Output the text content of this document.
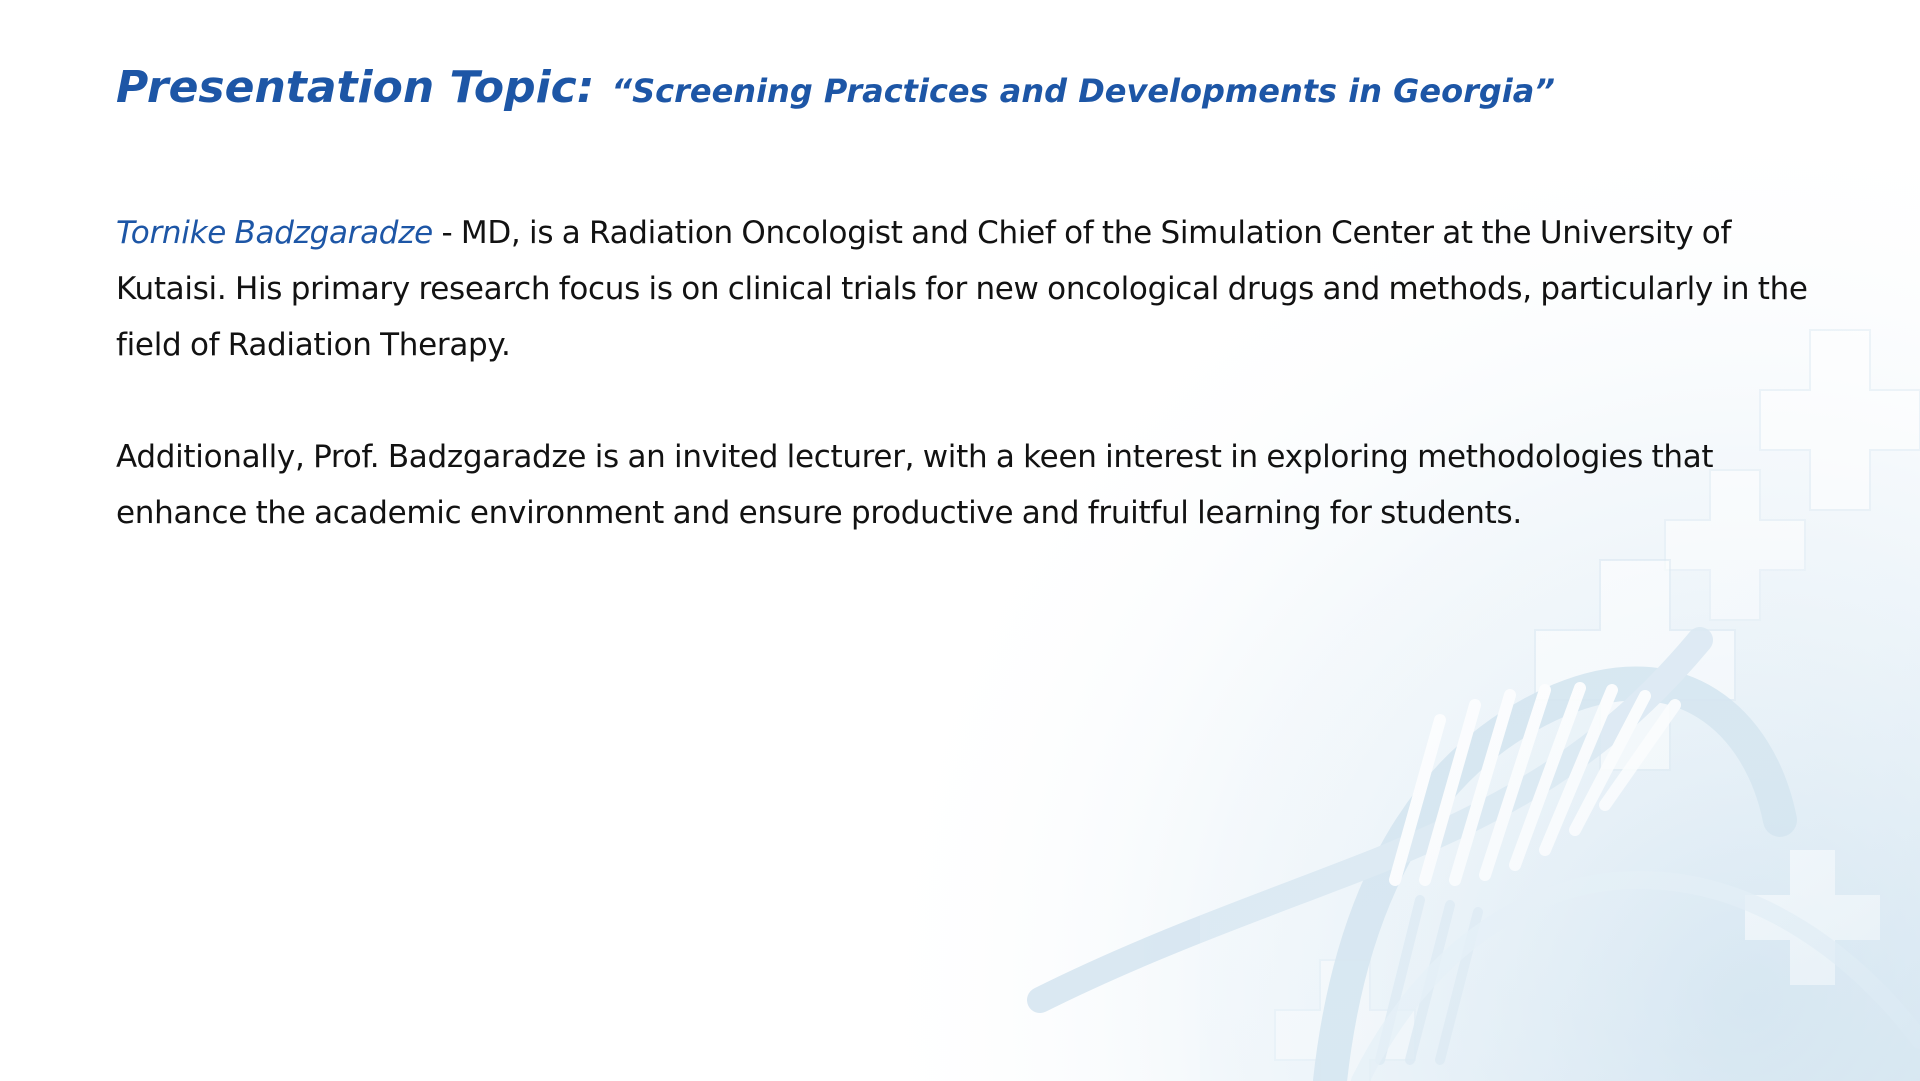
Presentation Topic: “Screening Practices and Developments in Georgia”

Tornike Badzgaradze - MD, is a Radiation Oncologist and Chief of the Simulation Center at the University of Kutaisi. His primary research focus is on clinical trials for new oncological drugs and methods, particularly in the field of Radiation Therapy.

Additionally, Prof. Badzgaradze is an invited lecturer, with a keen interest in exploring methodologies that enhance the academic environment and ensure productive and fruitful learning for students.
